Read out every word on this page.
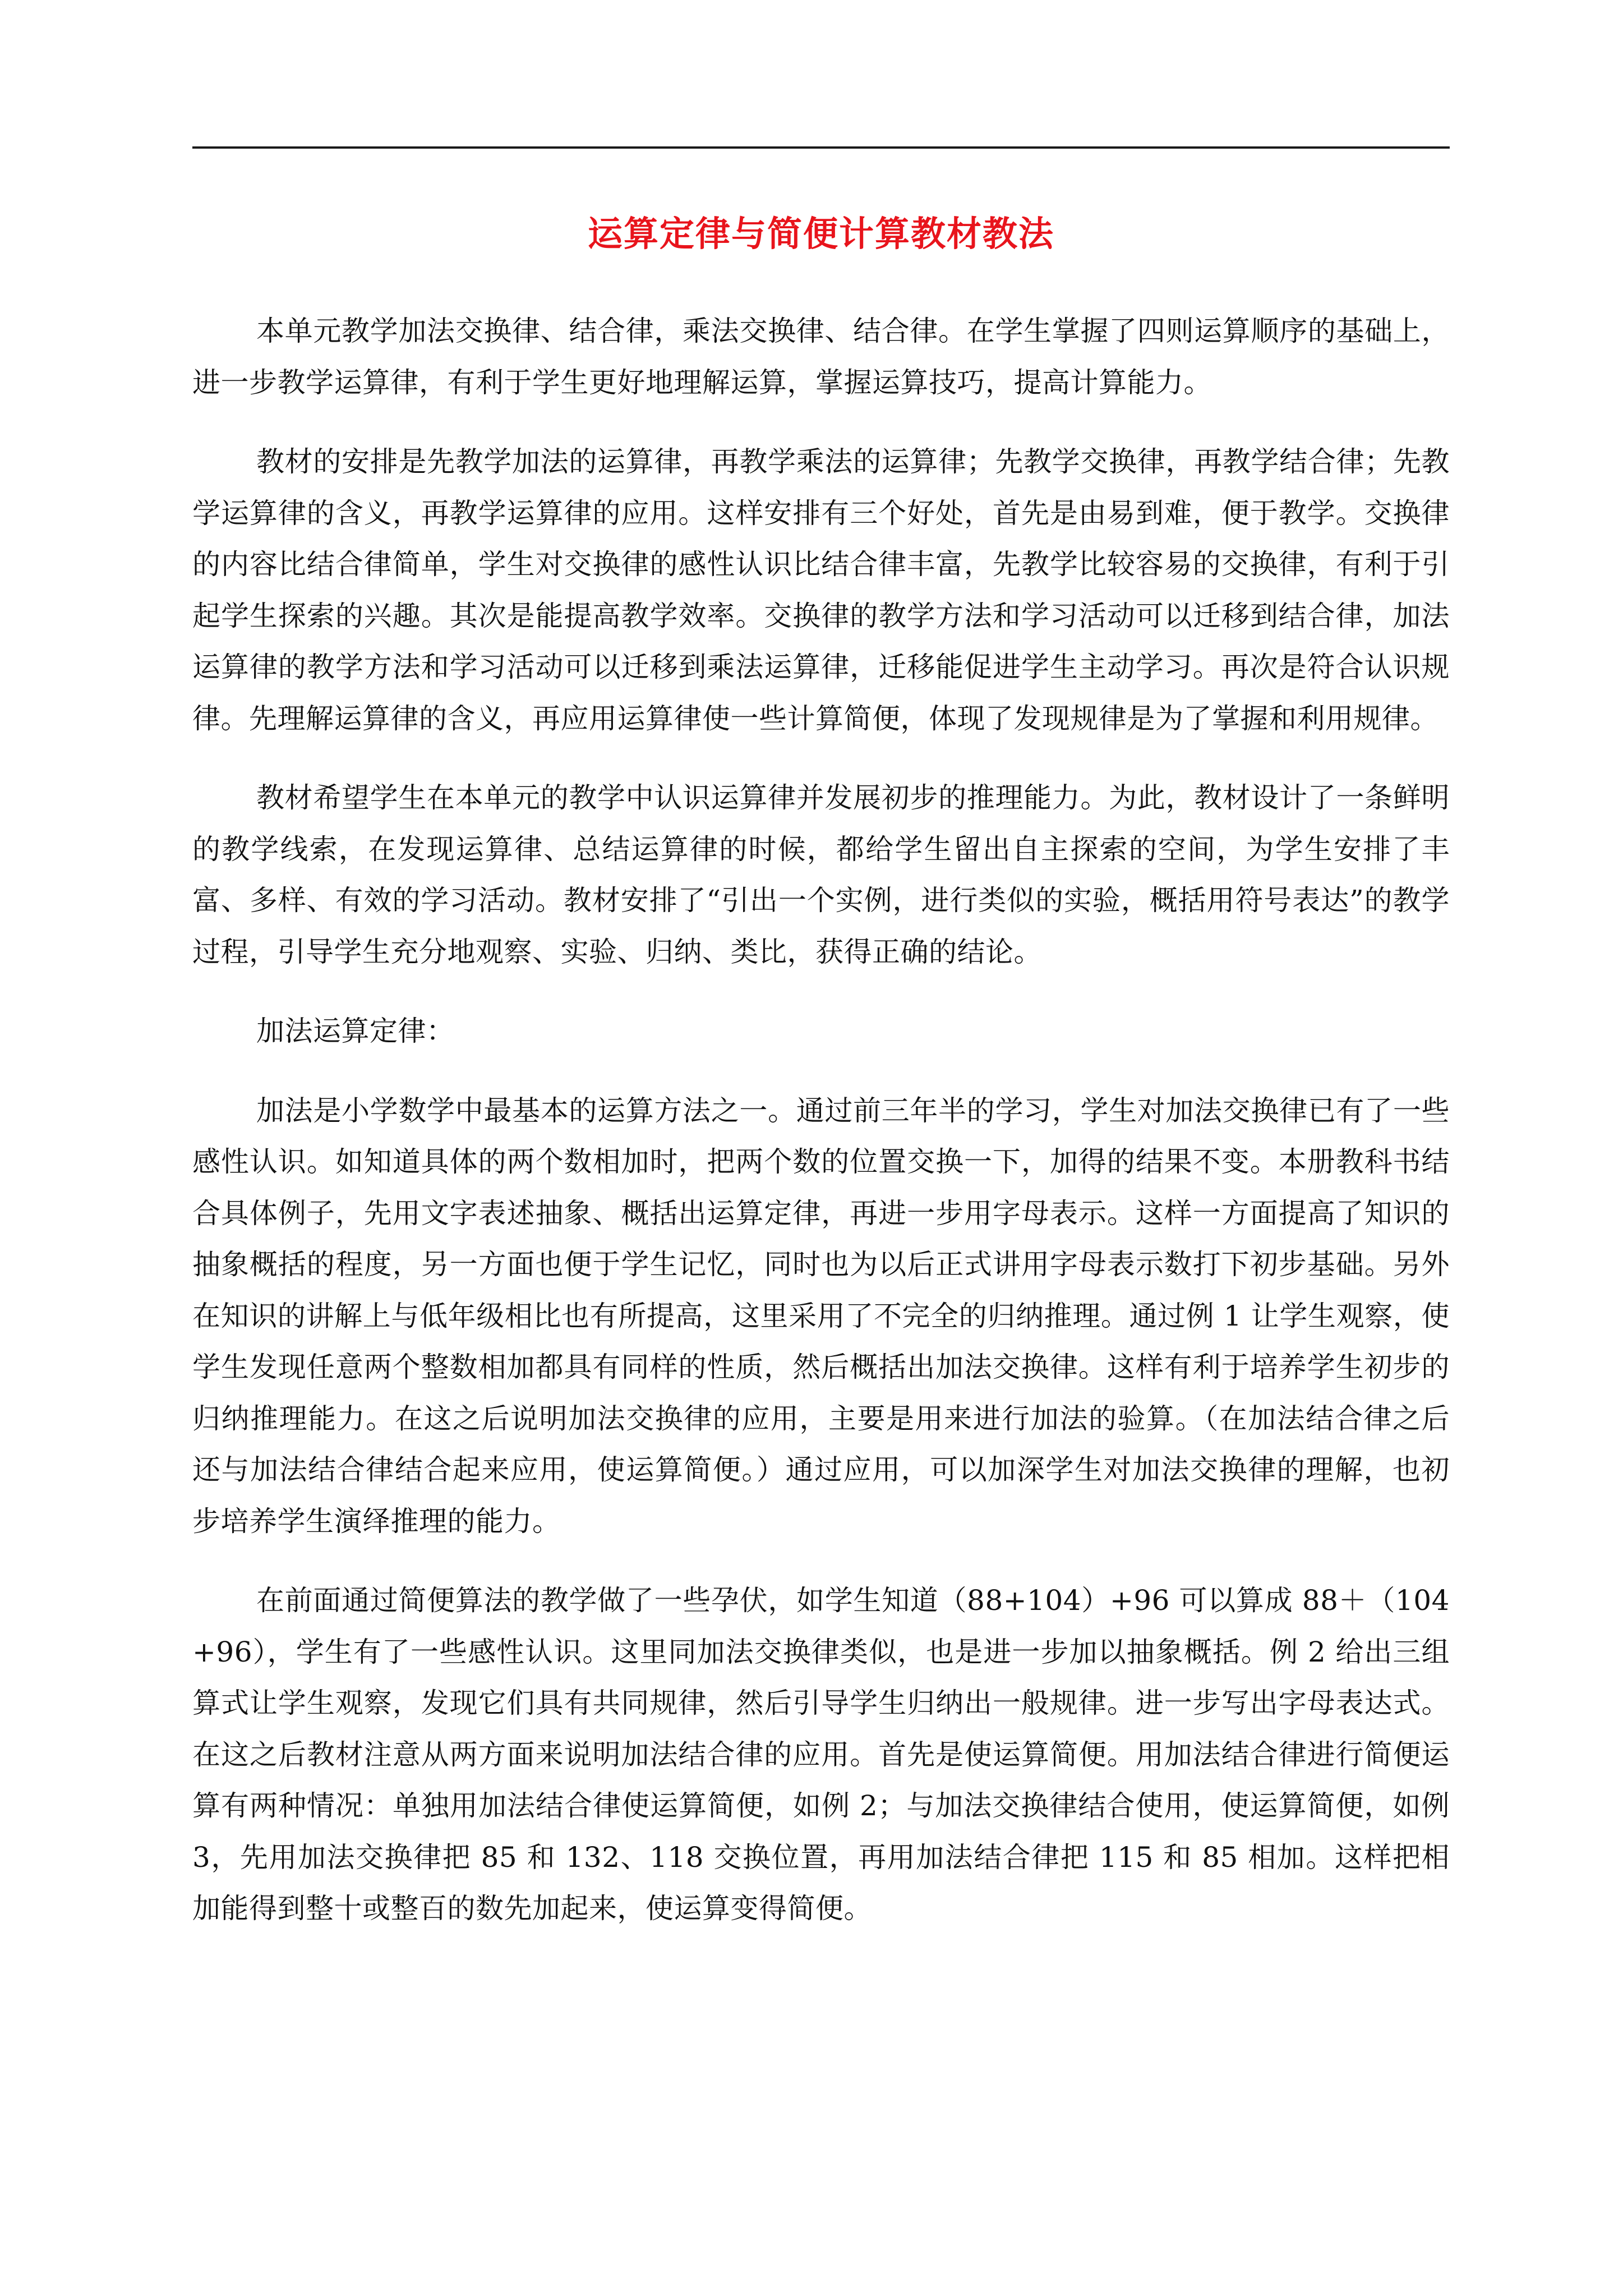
运算定律与简便计算教材教法

本单元教学加法交换律、结合律，乘法交换律、结合律。在学生掌握了四则运算顺序的基础上，进一步教学运算律，有利于学生更好地理解运算，掌握运算技巧，提高计算能力。

教材的安排是先教学加法的运算律，再教学乘法的运算律；先教学交换律，再教学结合律；先教学运算律的含义，再教学运算律的应用。这样安排有三个好处，首先是由易到难，便于教学。交换律的内容比结合律简单，学生对交换律的感性认识比结合律丰富，先教学比较容易的交换律，有利于引起学生探索的兴趣。其次是能提高教学效率。交换律的教学方法和学习活动可以迁移到结合律，加法运算律的教学方法和学习活动可以迁移到乘法运算律，迁移能促进学生主动学习。再次是符合认识规律。先理解运算律的含义，再应用运算律使一些计算简便，体现了发现规律是为了掌握和利用规律。

教材希望学生在本单元的教学中认识运算律并发展初步的推理能力。为此，教材设计了一条鲜明的教学线索，在发现运算律、总结运算律的时候，都给学生留出自主探索的空间，为学生安排了丰富、多样、有效的学习活动。教材安排了“引出一个实例，进行类似的实验，概括用符号表达”的教学过程，引导学生充分地观察、实验、归纳、类比，获得正确的结论。

加法运算定律：

加法是小学数学中最基本的运算方法之一。通过前三年半的学习，学生对加法交换律已有了一些感性认识。如知道具体的两个数相加时，把两个数的位置交换一下，加得的结果不变。本册教科书结合具体例子，先用文字表述抽象、概括出运算定律，再进一步用字母表示。这样一方面提高了知识的抽象概括的程度，另一方面也便于学生记忆，同时也为以后正式讲用字母表示数打下初步基础。另外在知识的讲解上与低年级相比也有所提高，这里采用了不完全的归纳推理。通过例 1 让学生观察，使学生发现任意两个整数相加都具有同样的性质，然后概括出加法交换律。这样有利于培养学生初步的归纳推理能力。在这之后说明加法交换律的应用，主要是用来进行加法的验算。（在加法结合律之后还与加法结合律结合起来应用，使运算简便。）通过应用，可以加深学生对加法交换律的理解，也初步培养学生演绎推理的能力。

在前面通过简便算法的教学做了一些孕伏，如学生知道（88+104）+96 可以算成 88＋（104+96），学生有了一些感性认识。这里同加法交换律类似，也是进一步加以抽象概括。例 2 给出三组算式让学生观察，发现它们具有共同规律，然后引导学生归纳出一般规律。进一步写出字母表达式。在这之后教材注意从两方面来说明加法结合律的应用。首先是使运算简便。用加法结合律进行简便运算有两种情况：单独用加法结合律使运算简便，如例 2；与加法交换律结合使用，使运算简便，如例 3，先用加法交换律把 85 和 132、118 交换位置，再用加法结合律把 115 和 85 相加。这样把相加能得到整十或整百的数先加起来，使运算变得简便。
